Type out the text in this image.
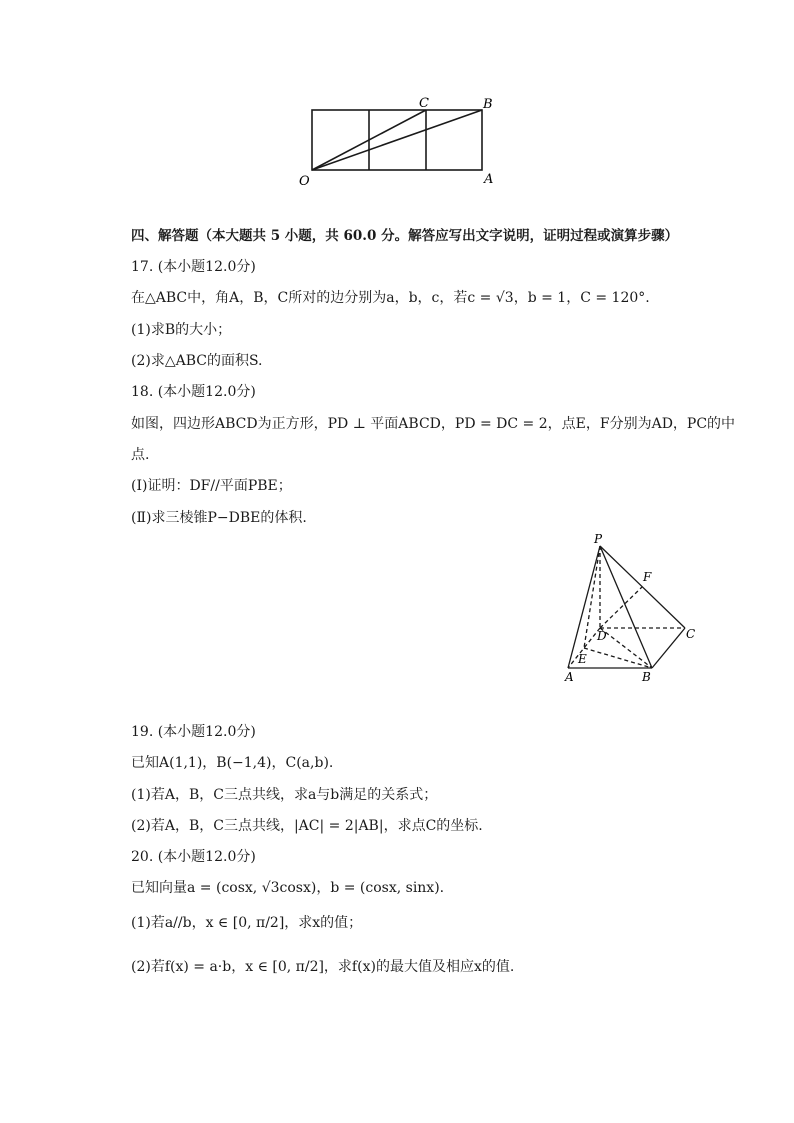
O	A
B
C
四、解答题（本大题共 5 小题，共 60.0 分。解答应写出文字说明，证明过程或演算步骤）
17. (本小题12.0分)
在△ABC中，角A，B，C所对的边分别为a，b，c，若c = √3，b = 1，C = 120°.
(1)求B的大小；
(2)求△ABC的面积S.
18. (本小题12.0分)
如图，四边形ABCD为正方形，PD ⊥ 平面ABCD，PD = DC = 2，点E，F分别为AD，PC的中
点.
(Ⅰ)证明：DF//平面PBE；
(Ⅱ)求三棱锥P−DBE的体积.
P
F
D	C
E
A	B
19. (本小题12.0分)
已知A(1,1)，B(−1,4)，C(a,b).
(1)若A，B，C三点共线，求a与b满足的关系式；
(2)若A，B，C三点共线，|AC| = 2|AB|，求点C的坐标.
20. (本小题12.0分)
已知向量a = (cosx, √3cosx)，b = (cosx, sinx).
(1)若a//b，x ∈ [0, π/2]，求x的值；
(2)若f(x) = a·b，x ∈ [0, π/2]，求f(x)的最大值及相应x的值.
